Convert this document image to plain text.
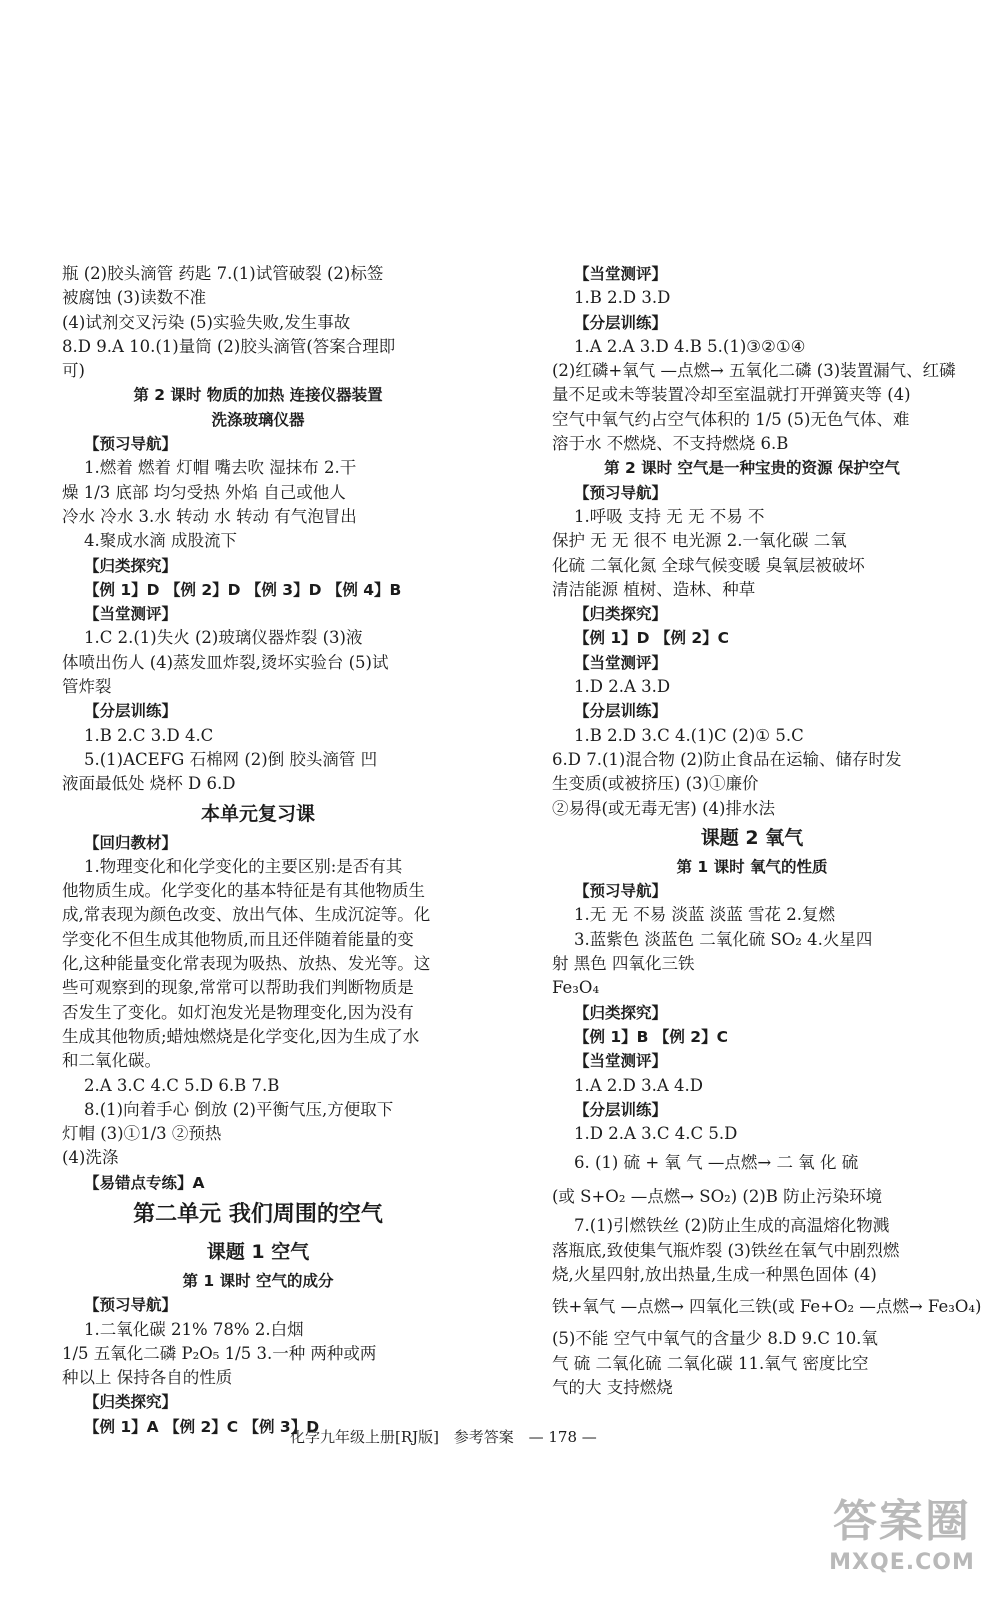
瓶 (2)胶头滴管 药匙 7.(1)试管破裂 (2)标签
被腐蚀 (3)读数不准
(4)试剂交叉污染 (5)实验失败,发生事故
8.D 9.A 10.(1)量筒 (2)胶头滴管(答案合理即
可)
第 2 课时 物质的加热 连接仪器装置
洗涤玻璃仪器
【预习导航】
1.燃着 燃着 灯帽 嘴去吹 湿抹布 2.干
燥 1/3 底部 均匀受热 外焰 自己或他人
冷水 冷水 3.水 转动 水 转动 有气泡冒出
4.聚成水滴 成股流下
【归类探究】
【例 1】D 【例 2】D 【例 3】D 【例 4】B
【当堂测评】
1.C 2.(1)失火 (2)玻璃仪器炸裂 (3)液
体喷出伤人 (4)蒸发皿炸裂,烫坏实验台 (5)试
管炸裂
【分层训练】
1.B 2.C 3.D 4.C
5.(1)ACEFG 石棉网 (2)倒 胶头滴管 凹
液面最低处 烧杯 D 6.D
本单元复习课
【回归教材】
1.物理变化和化学变化的主要区别:是否有其
他物质生成。化学变化的基本特征是有其他物质生
成,常表现为颜色改变、放出气体、生成沉淀等。化
学变化不但生成其他物质,而且还伴随着能量的变
化,这种能量变化常表现为吸热、放热、发光等。这
些可观察到的现象,常常可以帮助我们判断物质是
否发生了变化。如灯泡发光是物理变化,因为没有
生成其他物质;蜡烛燃烧是化学变化,因为生成了水
和二氧化碳。
2.A 3.C 4.C 5.D 6.B 7.B
8.(1)向着手心 倒放 (2)平衡气压,方便取下
灯帽 (3)①1/3 ②预热
(4)洗涤
【易错点专练】A
第二单元 我们周围的空气
课题 1 空气
第 1 课时 空气的成分
【预习导航】
1.二氧化碳 21% 78% 2.白烟
1/5 五氧化二磷 P₂O₅ 1/5 3.一种 两种或两
种以上 保持各自的性质
【归类探究】
【例 1】A 【例 2】C 【例 3】D
【当堂测评】
1.B 2.D 3.D
【分层训练】
1.A 2.A 3.D 4.B 5.(1)③②①④
(2)红磷+氧气 —点燃→ 五氧化二磷 (3)装置漏气、红磷
量不足或未等装置冷却至室温就打开弹簧夹等 (4)
空气中氧气约占空气体积的 1/5 (5)无色气体、难
溶于水 不燃烧、不支持燃烧 6.B
第 2 课时 空气是一种宝贵的资源 保护空气
【预习导航】
1.呼吸 支持 无 无 不易 不
保护 无 无 很不 电光源 2.一氧化碳 二氧
化硫 二氧化氮 全球气候变暖 臭氧层被破坏
清洁能源 植树、造林、种草
【归类探究】
【例 1】D 【例 2】C
【当堂测评】
1.D 2.A 3.D
【分层训练】
1.B 2.D 3.C 4.(1)C (2)① 5.C
6.D 7.(1)混合物 (2)防止食品在运输、储存时发
生变质(或被挤压) (3)①廉价
②易得(或无毒无害) (4)排水法
课题 2 氧气
第 1 课时 氧气的性质
【预习导航】
1.无 无 不易 淡蓝 淡蓝 雪花 2.复燃
3.蓝紫色 淡蓝色 二氧化硫 SO₂ 4.火星四
射 黑色 四氧化三铁
Fe₃O₄
【归类探究】
【例 1】B 【例 2】C
【当堂测评】
1.A 2.D 3.A 4.D
【分层训练】
1.D 2.A 3.C 4.C 5.D
6. (1) 硫 + 氧 气 —点燃→ 二 氧 化 硫
(或 S+O₂ —点燃→ SO₂) (2)B 防止污染环境
7.(1)引燃铁丝 (2)防止生成的高温熔化物溅
落瓶底,致使集气瓶炸裂 (3)铁丝在氧气中剧烈燃
烧,火星四射,放出热量,生成一种黑色固体 (4)
铁+氧气 —点燃→ 四氧化三铁(或 Fe+O₂ —点燃→ Fe₃O₄)
(5)不能 空气中氧气的含量少 8.D 9.C 10.氧
气 硫 二氧化硫 二氧化碳 11.氧气 密度比空
气的大 支持燃烧
化学九年级上册[RJ版] 参考答案 — 178 —
答案圈
MXQE.COM
